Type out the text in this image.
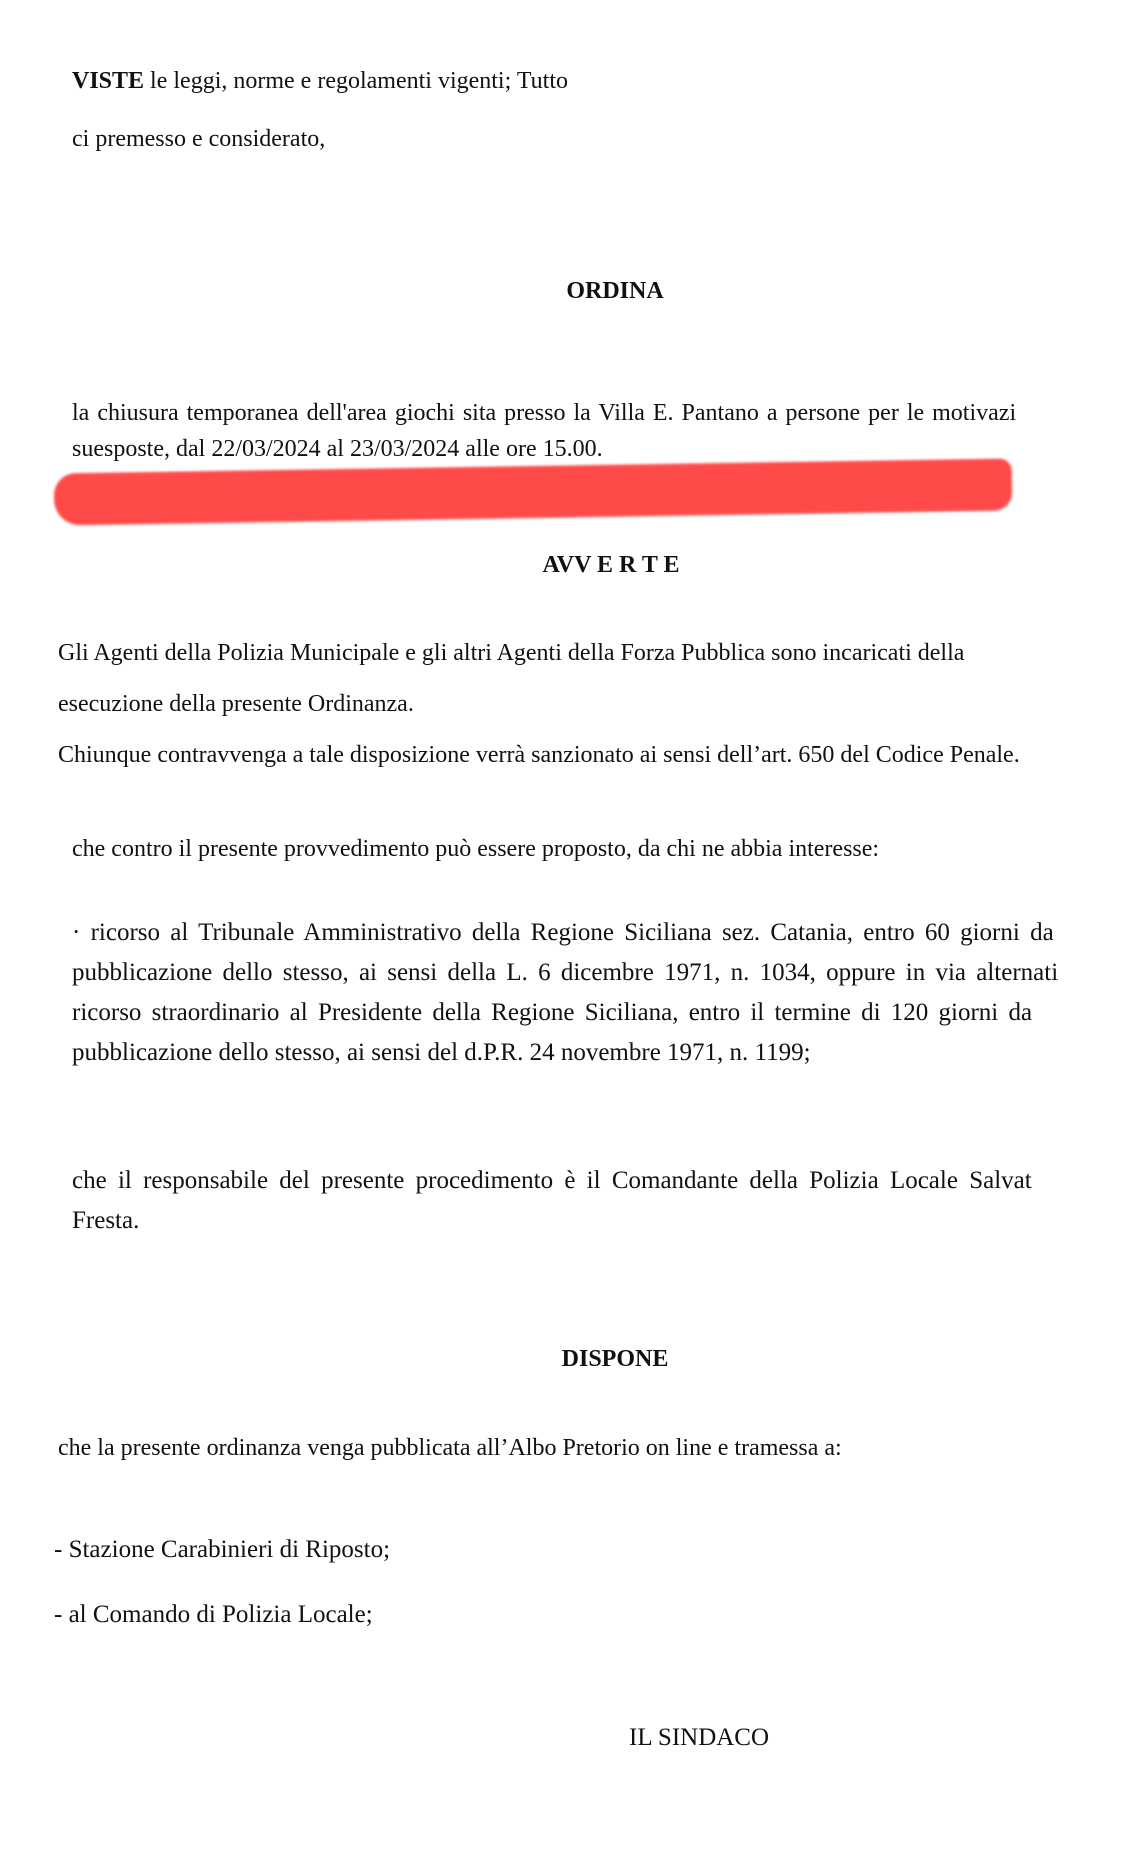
VISTE le leggi, norme e regolamenti vigenti; Tutto
ci premesso e considerato,
ORDINA
la chiusura temporanea dell'area giochi sita presso la Villa E. Pantano a persone per le motivazi
suesposte, dal 22/03/2024 al 23/03/2024 alle ore 15.00.
AVV E R T E
Gli Agenti della Polizia Municipale e gli altri Agenti della Forza Pubblica sono incaricati della
esecuzione della presente Ordinanza.
Chiunque contravvenga a tale disposizione verrà sanzionato ai sensi dell’art. 650 del Codice Penale.
che contro il presente provvedimento può essere proposto, da chi ne abbia interesse:
· ricorso al Tribunale Amministrativo della Regione Siciliana sez. Catania, entro 60 giorni da
pubblicazione dello stesso, ai sensi della L. 6 dicembre 1971, n. 1034, oppure in via alternati
ricorso straordinario al Presidente della Regione Siciliana, entro il termine di 120 giorni da
pubblicazione dello stesso, ai sensi del d.P.R. 24 novembre 1971, n. 1199;
che il responsabile del presente procedimento è il Comandante della Polizia Locale Salvat
Fresta.
DISPONE
che la presente ordinanza venga pubblicata all’Albo Pretorio on line e tramessa a:
- Stazione Carabinieri di Riposto;
- al Comando di Polizia Locale;
IL SINDACO
